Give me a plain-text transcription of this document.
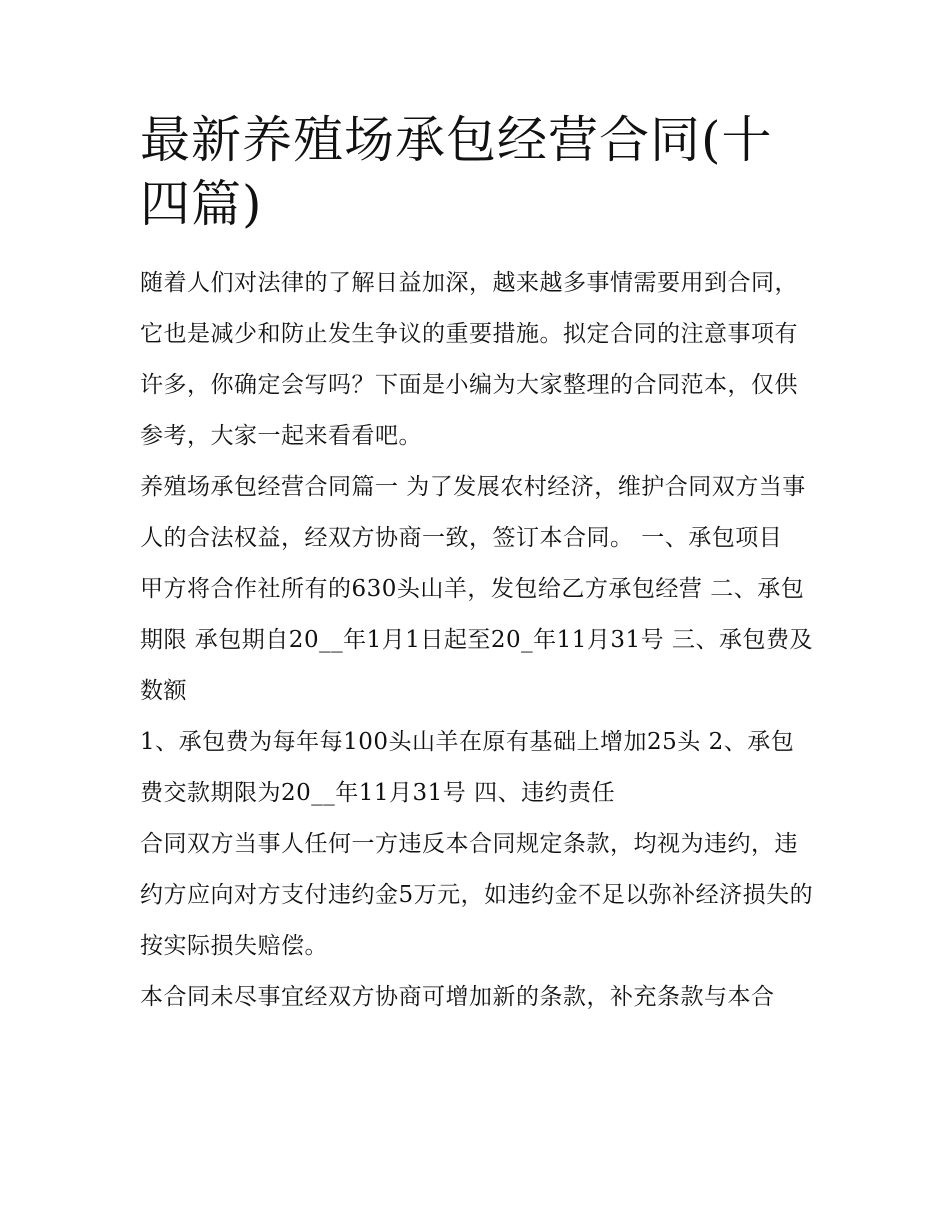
最新养殖场承包经营合同(十四篇)

随着人们对法律的了解日益加深，越来越多事情需要用到合同，它也是减少和防止发生争议的重要措施。拟定合同的注意事项有许多，你确定会写吗？下面是小编为大家整理的合同范本，仅供参考，大家一起来看看吧。

养殖场承包经营合同篇一 为了发展农村经济，维护合同双方当事人的合法权益，经双方协商一致，签订本合同。 一、承包项目

甲方将合作社所有的630头山羊，发包给乙方承包经营 二、承包期限 承包期自20__年1月1日起至20_年11月31号 三、承包费及数额

1、承包费为每年每100头山羊在原有基础上增加25头 2、承包费交款期限为20__年11月31号 四、违约责任

合同双方当事人任何一方违反本合同规定条款，均视为违约，违约方应向对方支付违约金5万元，如违约金不足以弥补经济损失的按实际损失赔偿。

本合同未尽事宜经双方协商可增加新的条款，补充条款与本合
